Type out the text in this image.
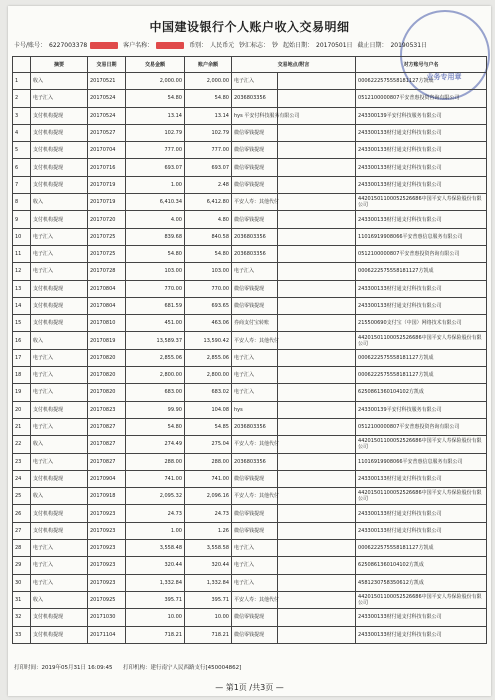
中国建设银行个人账户收入交易明细
业务专用章
卡号/账号： 6227003378	客户名称：	币别： 人民币元 钞汇标志： 钞 起始日期： 20170501日 截止日期： 20190531日
	摘要	交易日期	交易金额	账户余额	交易地点/附言		对方账号与户名
1	收入	20170521	2,000.00	2,000.00	电子汇入		0006222575558181127方凯成
2	电子汇入	20170524	54.80	54.80	2036803356		0512100000807平安普惠投资咨询有限公司
3	支付机构提现	20170524	13.14	13.14	hys 平安付科技服务有限公司		243300139平安付科技服务有限公司
4	支付机构提现	20170527	102.79	102.79	微信零钱提现		243300133财付通支付科技有限公司
5	支付机构提现	20170704	777.00	777.00	微信零钱提现		243300133财付通支付科技有限公司
6	支付机构提现	20170716	693.07	693.07	微信零钱提现		243300133财付通支付科技有限公司
7	支付机构提现	20170719	1.00	2.48	微信零钱提现		243300133财付通支付科技有限公司
8	收入	20170719	6,410.34	6,412.80	平安人寿：其他代付		44201501100052526686中国平安人寿保险股份有限公司
9	支付机构提现	20170720	4.00	4.80	微信零钱提现		243300133财付通支付科技有限公司
10	电子汇入	20170725	839.68	840.58	2036803356		11016919908066平安普惠信息服务有限公司
11	电子汇入	20170725	54.80	54.80	2036803356		0512100000807平安普惠投资咨询有限公司
12	电子汇入	20170728	103.00	103.00	电子汇入		0006222575558181127方凯成
13	支付机构提现	20170804	770.00	770.00	微信零钱提现		243300133财付通支付科技有限公司
14	支付机构提现	20170804	681.59	693.65	微信零钱提现		243300133财付通支付科技有限公司
15	支付机构提现	20170810	451.00	463.06	券商支付宝转账		215500690支付宝（中国）网络技术有限公司
16	收入	20170819	13,589.37	13,590.42	平安人寿：其他代付		44201501100052526686中国平安人寿保险股份有限公司
17	电子汇入	20170820	2,855.06	2,855.06	电子汇入		0006222575558181127方凯成
18	电子汇入	20170820	2,800.00	2,800.00	电子汇入		0006222575558181127方凯成
19	电子汇入	20170820	683.00	683.02	电子汇入		6250861360104102方凯成
20	支付机构提现	20170823	99.90	104.08	hys		243300139平安付科技服务有限公司
21	电子汇入	20170827	54.80	54.85	2036803356		0512100000807平安普惠投资咨询有限公司
22	收入	20170827	274.49	275.04	平安人寿：其他代付		44201501100052526686中国平安人寿保险股份有限公司
23	电子汇入	20170827	288.00	288.00	2036803356		11016919908066平安普惠信息服务有限公司
24	支付机构提现	20170904	741.00	741.00	微信零钱提现		243300133财付通支付科技有限公司
25	收入	20170918	2,095.32	2,096.16	平安人寿：其他代付		44201501100052526686中国平安人寿保险股份有限公司
26	支付机构提现	20170923	24.73	24.73	微信零钱提现		243300133财付通支付科技有限公司
27	支付机构提现	20170923	1.00	1.26	微信零钱提现		243300133财付通支付科技有限公司
28	电子汇入	20170923	3,558.48	3,558.58	电子汇入		0006222575558181127方凯成
29	电子汇入	20170923	320.44	320.44	电子汇入		6250861360104102方凯成
30	电子汇入	20170923	1,332.84	1,332.84	电子汇入		4581230758350612方凯成
31	收入	20170925	395.71	395.71	平安人寿：其他代付		44201501100052526686中国平安人寿保险股份有限公司
32	支付机构提现	20171030	10.00	10.00	微信零钱提现		243300133财付通支付科技有限公司
33	支付机构提现	20171104	718.21	718.21	微信零钱提现		243300133财付通支付科技有限公司
打印时间：2019年05月31日 16:09:45 打印机构：建行南宁人民西路支行[450004862]
— 第1页 /共3页 —
